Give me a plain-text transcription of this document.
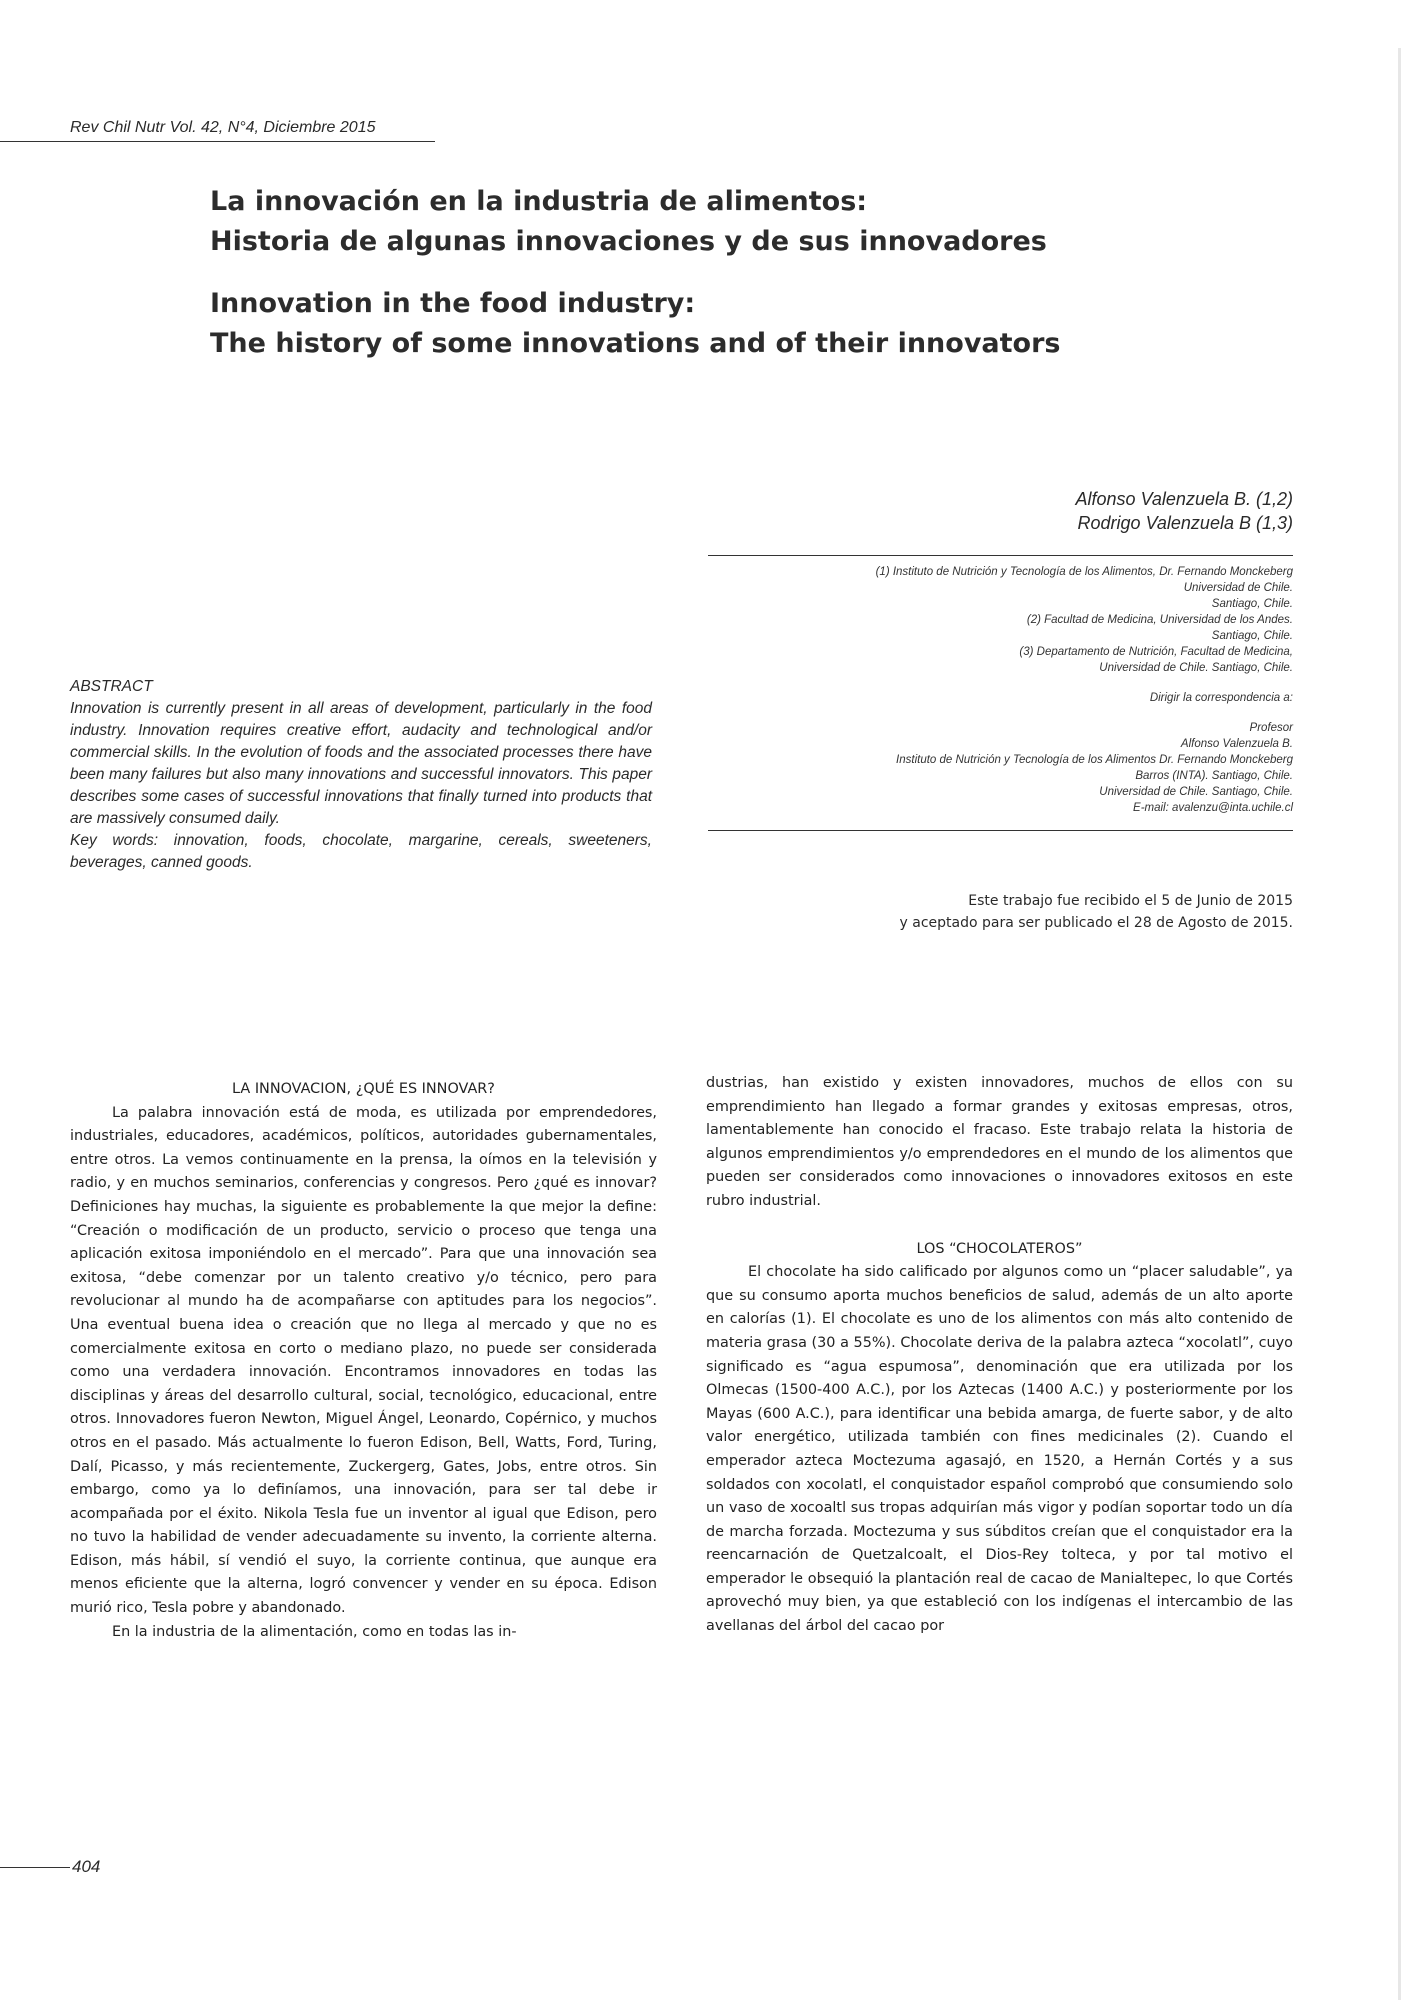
Rev Chil Nutr Vol. 42, N°4, Diciembre 2015
La innovación en la industria de alimentos:
Historia de algunas innovaciones y de sus innovadores
Innovation in the food industry:
The history of some innovations and of their innovators
Alfonso Valenzuela B. (1,2)
Rodrigo Valenzuela B (1,3)
(1) Instituto de Nutrición y Tecnología de los Alimentos, Dr. Fernando Monckeberg
Universidad de Chile.
Santiago, Chile.
(2) Facultad de Medicina, Universidad de los Andes.
Santiago, Chile.
(3) Departamento de Nutrición, Facultad de Medicina,
Universidad de Chile. Santiago, Chile.
Dirigir la correspondencia a:
Profesor
Alfonso Valenzuela B.
Instituto de Nutrición y Tecnología de los Alimentos Dr. Fernando Monckeberg
Barros (INTA). Santiago, Chile.
Universidad de Chile. Santiago, Chile.
E-mail: avalenzu@inta.uchile.cl
Este trabajo fue recibido el 5 de Junio de 2015
y aceptado para ser publicado el 28 de Agosto de 2015.
ABSTRACT
Innovation is currently present in all areas of development, particularly in the food industry. Innovation requires creative effort, audacity and technological and/or commercial skills. In the evolution of foods and the associated processes there have been many failures but also many innovations and successful innovators. This paper describes some cases of successful innovations that finally turned into products that are massively consumed daily.
Key words: innovation, foods, chocolate, margarine, cereals, sweeteners, beverages, canned goods.
LA INNOVACION, ¿QUÉ ES INNOVAR?

La palabra innovación está de moda, es utilizada por emprendedores, industriales, educadores, académicos, políticos, autoridades gubernamentales, entre otros. La vemos continuamente en la prensa, la oímos en la televisión y radio, y en muchos seminarios, conferencias y congresos. Pero ¿qué es innovar? Definiciones hay muchas, la siguiente es probablemente la que mejor la define: “Creación o modificación de un producto, servicio o proceso que tenga una aplicación exitosa imponiéndolo en el mercado”. Para que una innovación sea exitosa, “debe comenzar por un talento creativo y/o técnico, pero para revolucionar al mundo ha de acompañarse con aptitudes para los negocios”. Una eventual buena idea o creación que no llega al mercado y que no es comercialmente exitosa en corto o mediano plazo, no puede ser considerada como una verdadera innovación. Encontramos innovadores en todas las disciplinas y áreas del desarrollo cultural, social, tecnológico, educacional, entre otros. Innovadores fueron Newton, Miguel Ángel, Leonardo, Copérnico, y muchos otros en el pasado. Más actualmente lo fueron Edison, Bell, Watts, Ford, Turing, Dalí, Picasso, y más recientemente, Zuckergerg, Gates, Jobs, entre otros. Sin embargo, como ya lo definíamos, una innovación, para ser tal debe ir acompañada por el éxito. Nikola Tesla fue un inventor al igual que Edison, pero no tuvo la habilidad de vender adecuadamente su invento, la corriente alterna. Edison, más hábil, sí vendió el suyo, la corriente continua, que aunque era menos eficiente que la alterna, logró convencer y vender en su época. Edison murió rico, Tesla pobre y abandonado.

En la industria de la alimentación, como en todas las in-

dustrias, han existido y existen innovadores, muchos de ellos con su emprendimiento han llegado a formar grandes y exitosas empresas, otros, lamentablemente han conocido el fracaso. Este trabajo relata la historia de algunos emprendimientos y/o emprendedores en el mundo de los alimentos que pueden ser considerados como innovaciones o innovadores exitosos en este rubro industrial.

LOS “CHOCOLATEROS”

El chocolate ha sido calificado por algunos como un “placer saludable”, ya que su consumo aporta muchos beneficios de salud, además de un alto aporte en calorías (1). El chocolate es uno de los alimentos con más alto contenido de materia grasa (30 a 55%). Chocolate deriva de la palabra azteca “xocolatl”, cuyo significado es “agua espumosa”, denominación que era utilizada por los Olmecas (1500-400 A.C.), por los Aztecas (1400 A.C.) y posteriormente por los Mayas (600 A.C.), para identificar una bebida amarga, de fuerte sabor, y de alto valor energético, utilizada también con fines medicinales (2). Cuando el emperador azteca Moctezuma agasajó, en 1520, a Hernán Cortés y a sus soldados con xocolatl, el conquistador español comprobó que consumiendo solo un vaso de xocoaltl sus tropas adquirían más vigor y podían soportar todo un día de marcha forzada. Moctezuma y sus súbditos creían que el conquistador era la reencarnación de Quetzalcoalt, el Dios-Rey tolteca, y por tal motivo el emperador le obsequió la plantación real de cacao de Manialtepec, lo que Cortés aprovechó muy bien, ya que estableció con los indígenas el intercambio de las avellanas del árbol del cacao por

404
